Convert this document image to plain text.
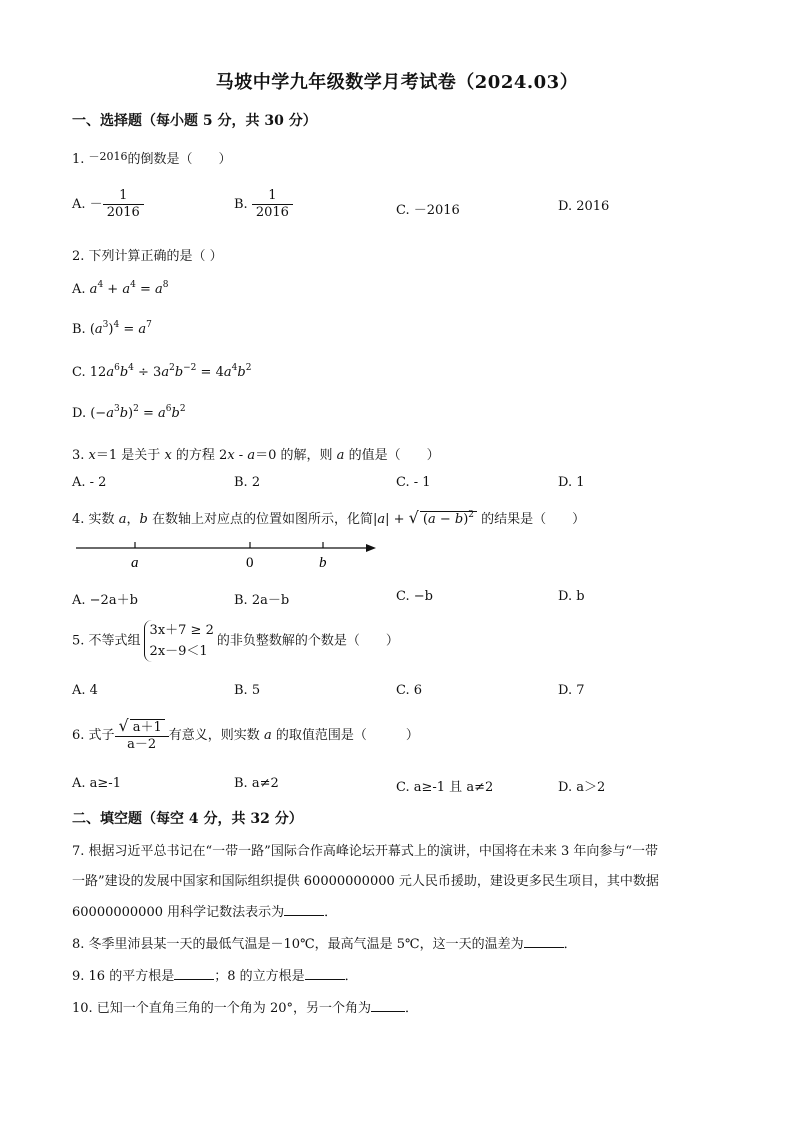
马坡中学九年级数学月考试卷（2024.03）
一、选择题（每小题 5 分，共 30 分）
1. $^{-2016}$的倒数是（　　）
A. － $\frac{1}{2016}$	B. $\frac{1}{2016}$	C. －2016	D. 2016
2. 下列计算正确的是（ ）
A. $a^4 + a^4 = a^8$
B. $(a^3)^4 = a^7$
C. $12a^6b^4 \div 3a^2b^{-2} = 4a^4b^2$
D. $(-a^3b)^2 = a^6b^2$
3. x＝1 是关于 x 的方程 2x - a＝0 的解，则 a 的值是（　　）
A. - 2	B. 2	C. - 1	D. 1
4. 实数 a，b 在数轴上对应点的位置如图所示，化简|a| + √ $(a - b)^2$ 的结果是（　　）
a	0	b
A. −2a＋b	B. 2a－b	C. −b	D. b
5. 不等式组
3x＋7 ≥ 2
2x－9＜1
的非负整数解的个数是（　　）
A. 4	B. 5	C. 6	D. 7
6. 式子 $\frac{√ a+1}{a-2}$ 有意义，则实数 a 的取值范围是（　　　）
A. a≥-1	B. a≠2	C. a≥-1 且 a≠2	D. a＞2
二、填空题（每空 4 分，共 32 分）
7. 根据习近平总书记在“一带一路”国际合作高峰论坛开幕式上的演讲，中国将在未来 3 年向参与“一带
一路”建设的发展中国家和国际组织提供 60000000000 元人民币援助，建设更多民生项目，其中数据
60000000000 用科学记数法表示为	．
8. 冬季里沛县某一天的最低气温是－10℃，最高气温是 5℃，这一天的温差为	．
9. 16 的平方根是	；8 的立方根是	．
10. 已知一个直角三角的一个角为 20°，另一个角为	．
